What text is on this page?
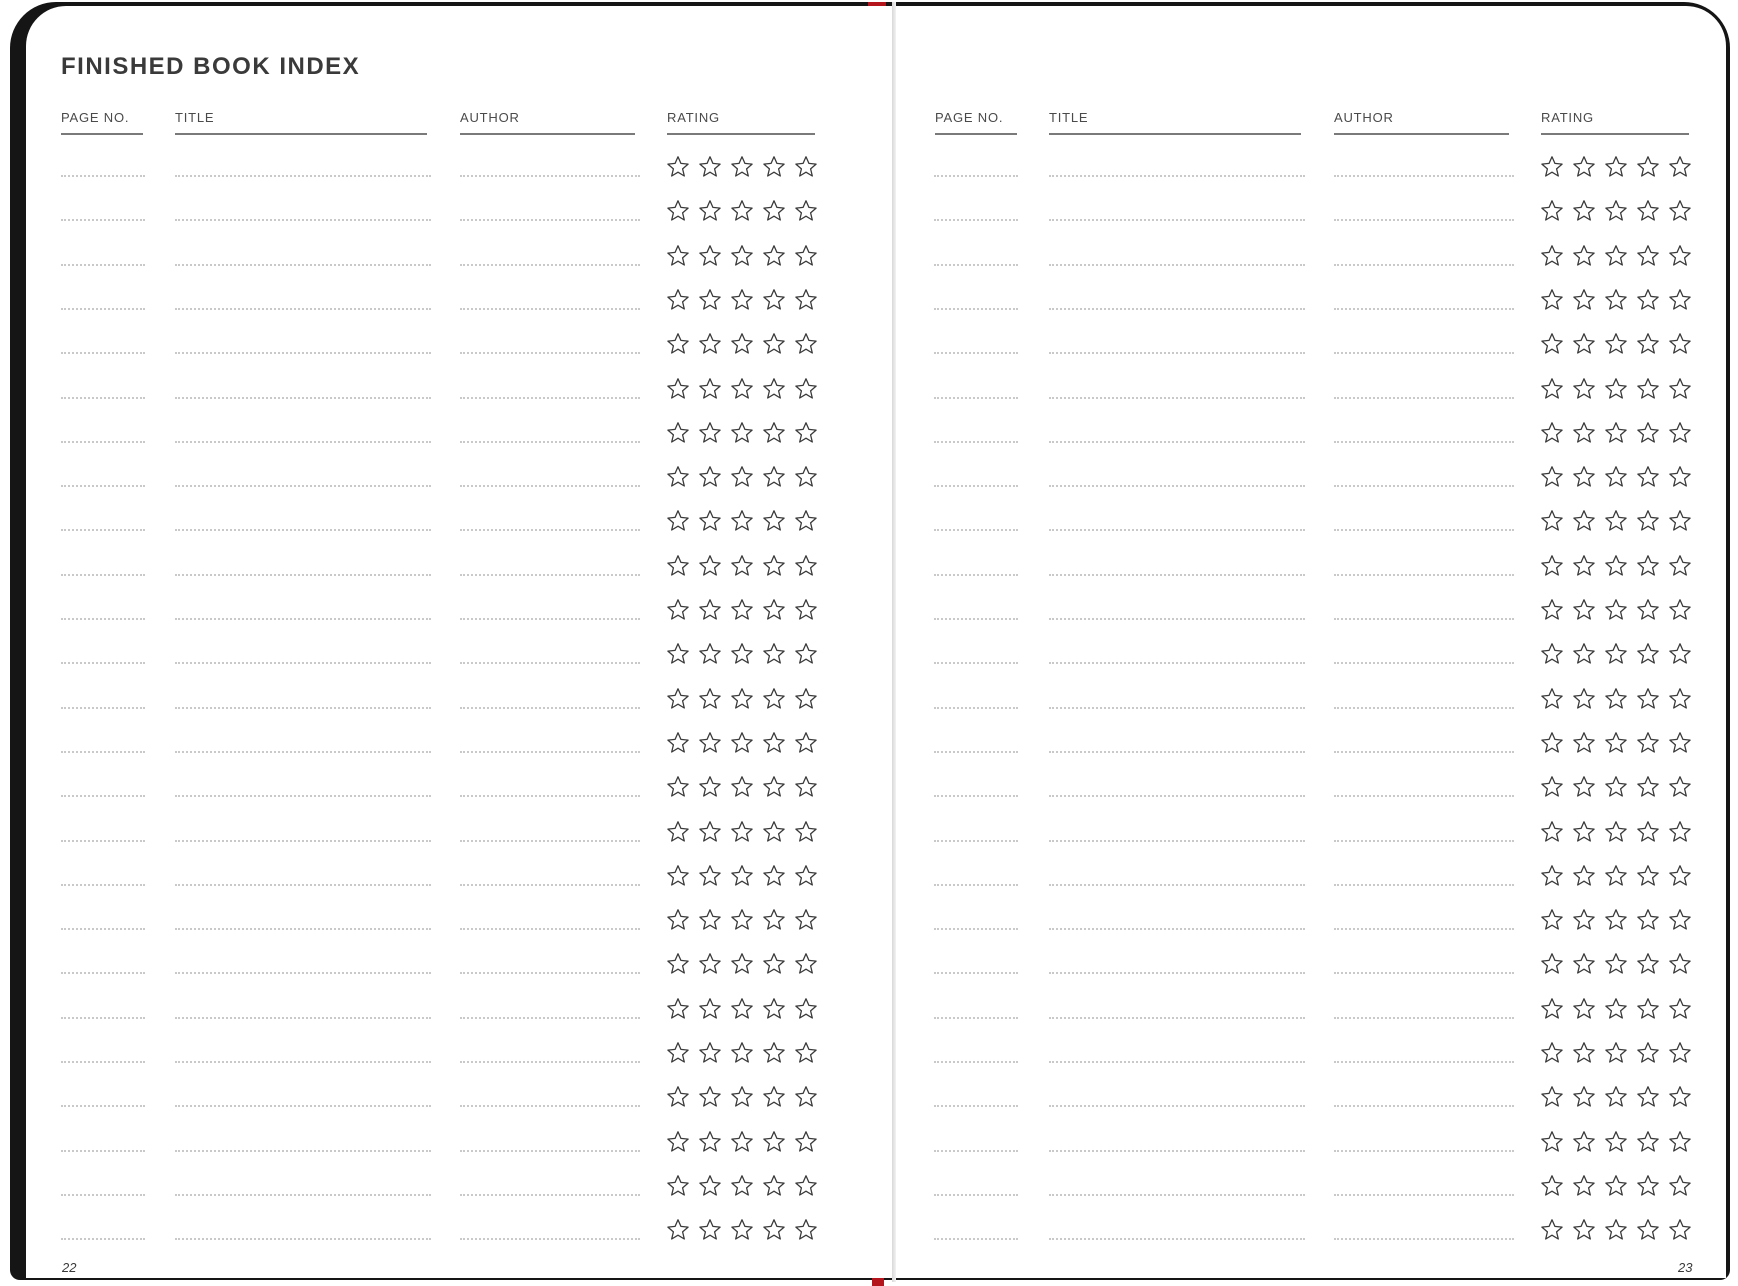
FINISHED BOOK INDEX
PAGE NO.	TITLE	AUTHOR	RATING
22
PAGE NO.	TITLE	AUTHOR	RATING
23
